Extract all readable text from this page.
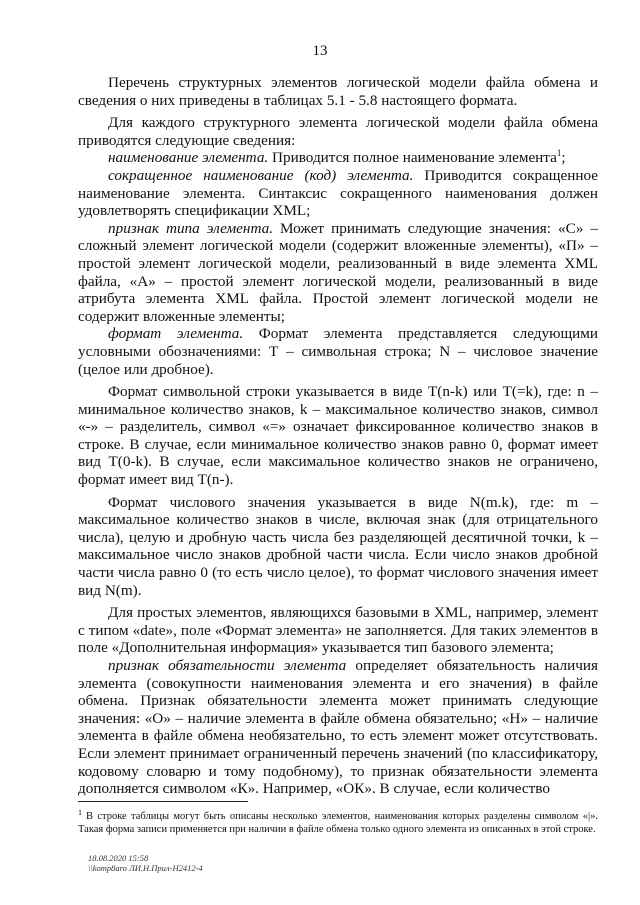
13

Перечень структурных элементов логической модели файла обмена и сведения о них приведены в таблицах 5.1 - 5.8 настоящего формата.

Для каждого структурного элемента логической модели файла обмена приводятся следующие сведения:

наименование элемента. Приводится полное наименование элемента$^1$;

сокращенное наименование (код) элемента. Приводится сокращенное наименование элемента. Синтаксис сокращенного наименования должен удовлетворять спецификации XML;

признак типа элемента. Может принимать следующие значения: «С» – сложный элемент логической модели (содержит вложенные элементы), «П» – простой элемент логической модели, реализованный в виде элемента XML файла, «А» – простой элемент логической модели, реализованный в виде атрибута элемента XML файла. Простой элемент логической модели не содержит вложенные элементы;

формат элемента. Формат элемента представляется следующими условными обозначениями: Т – символьная строка; N – числовое значение (целое или дробное).

Формат символьной строки указывается в виде Т(n-k) или Т(=k), где: n – минимальное количество знаков, k – максимальное количество знаков, символ «-» – разделитель, символ «=» означает фиксированное количество знаков в строке. В случае, если минимальное количество знаков равно 0, формат имеет вид Т(0-k). В случае, если максимальное количество знаков не ограничено, формат имеет вид Т(n-).

Формат числового значения указывается в виде N(m.k), где: m – максимальное количество знаков в числе, включая знак (для отрицательного числа), целую и дробную часть числа без разделяющей десятичной точки, k – максимальное число знаков дробной части числа. Если число знаков дробной части числа равно 0 (то есть число целое), то формат числового значения имеет вид N(m).

Для простых элементов, являющихся базовыми в XML, например, элемент с типом «date», поле «Формат элемента» не заполняется. Для таких элементов в поле «Дополнительная информация» указывается тип базового элемента;

признак обязательности элемента определяет обязательность наличия элемента (совокупности наименования элемента и его значения) в файле обмена. Признак обязательности элемента может принимать следующие значения: «О» – наличие элемента в файле обмена обязательно; «Н» – наличие элемента в файле обмена необязательно, то есть элемент может отсутствовать. Если элемент принимает ограниченный перечень значений (по классификатору, кодовому словарю и тому подобному), то признак обязательности элемента дополняется символом «К». Например, «ОК». В случае, если количество

$^1$ В строке таблицы могут быть описаны несколько элементов, наименования которых разделены символом «|». Такая форма записи применяется при наличии в файле обмена только одного элемента из описанных в этой строке.
18.08.2020 15:58
\\komp8aro ЛИ.Н.Прил-Н2412-4
